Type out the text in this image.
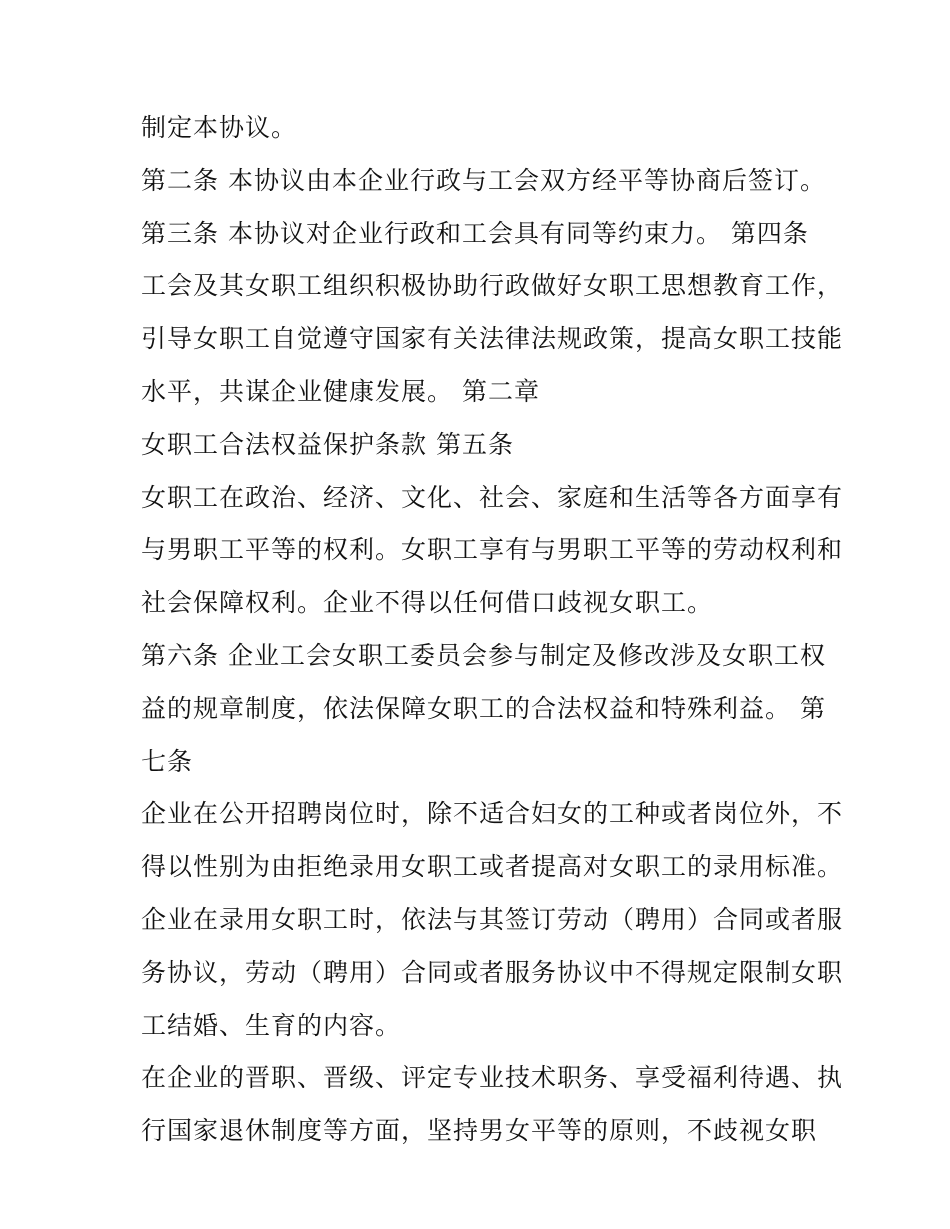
制定本协议。
第二条 本协议由本企业行政与工会双方经平等协商后签订。
第三条 本协议对企业行政和工会具有同等约束力。 第四条
工会及其女职工组织积极协助行政做好女职工思想教育工作，
引导女职工自觉遵守国家有关法律法规政策，提高女职工技能
水平，共谋企业健康发展。 第二章
女职工合法权益保护条款 第五条
女职工在政治、经济、文化、社会、家庭和生活等各方面享有
与男职工平等的权利。女职工享有与男职工平等的劳动权利和
社会保障权利。企业不得以任何借口歧视女职工。
第六条 企业工会女职工委员会参与制定及修改涉及女职工权
益的规章制度，依法保障女职工的合法权益和特殊利益。 第
七条
企业在公开招聘岗位时，除不适合妇女的工种或者岗位外，不
得以性别为由拒绝录用女职工或者提高对女职工的录用标准。
企业在录用女职工时，依法与其签订劳动（聘用）合同或者服
务协议，劳动（聘用）合同或者服务协议中不得规定限制女职
工结婚、生育的内容。
在企业的晋职、晋级、评定专业技术职务、享受福利待遇、执
行国家退休制度等方面，坚持男女平等的原则，不歧视女职
